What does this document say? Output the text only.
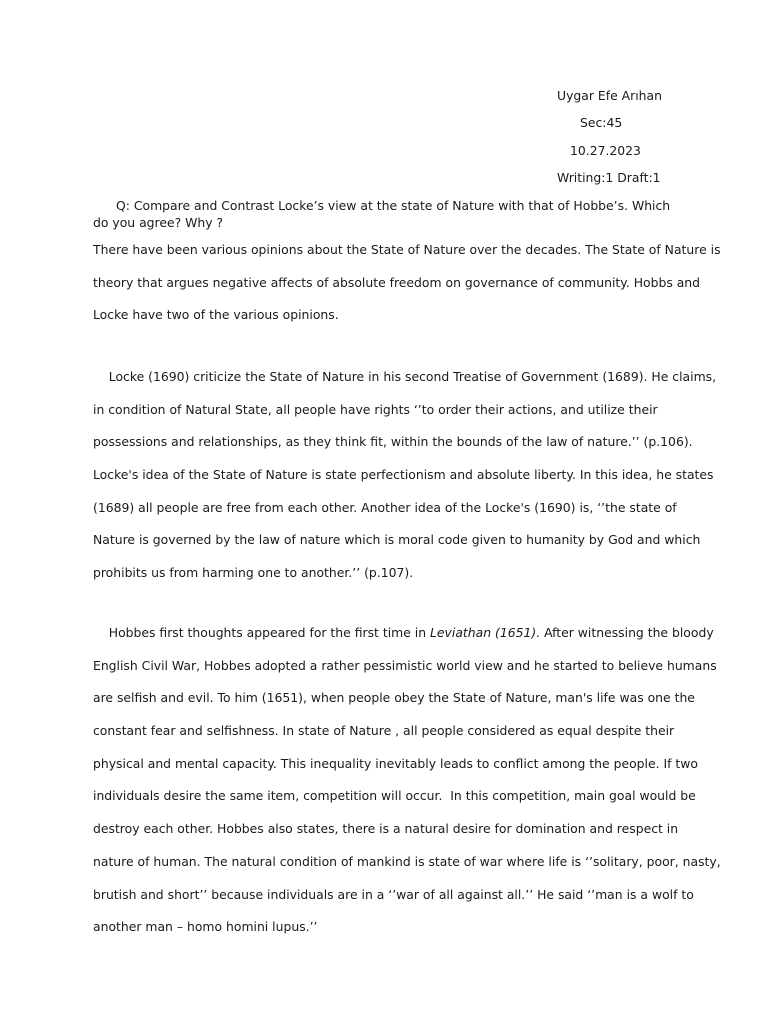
Uygar Efe Arıhan
Sec:45
10.27.2023
Writing:1 Draft:1
Q: Compare and Contrast Locke’s view at the state of Nature with that of Hobbe’s. Which do you agree? Why ?
There have been various opinions about the State of Nature over the decades. The State of Nature is
theory that argues negative affects of absolute freedom on governance of community. Hobbs and
Locke have two of the various opinions.
Locke (1690) criticize the State of Nature in his second Treatise of Government (1689). He claims,
in condition of Natural State, all people have rights ‘’to order their actions, and utilize their
possessions and relationships, as they think fit, within the bounds of the law of nature.’’ (p.106).
Locke's idea of the State of Nature is state perfectionism and absolute liberty. In this idea, he states
(1689) all people are free from each other. Another idea of the Locke's (1690) is, ‘’the state of
Nature is governed by the law of nature which is moral code given to humanity by God and which
prohibits us from harming one to another.’’ (p.107).
Hobbes first thoughts appeared for the first time in Leviathan (1651). After witnessing the bloody
English Civil War, Hobbes adopted a rather pessimistic world view and he started to believe humans
are selfish and evil. To him (1651), when people obey the State of Nature, man's life was one the
constant fear and selfishness. In state of Nature , all people considered as equal despite their
physical and mental capacity. This inequality inevitably leads to conflict among the people. If two
individuals desire the same item, competition will occur.  In this competition, main goal would be
destroy each other. Hobbes also states, there is a natural desire for domination and respect in
nature of human. The natural condition of mankind is state of war where life is ‘’solitary, poor, nasty,
brutish and short’’ because individuals are in a ‘’war of all against all.’’ He said ‘’man is a wolf to
another man – homo homini lupus.’’
